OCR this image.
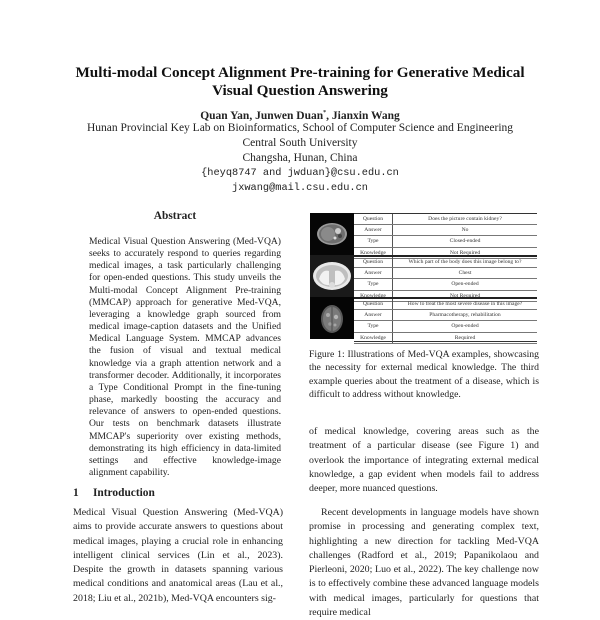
Multi-modal Concept Alignment Pre-training for Generative Medical
Visual Question Answering
Quan Yan, Junwen Duan*, Jianxin Wang
Hunan Provincial Key Lab on Bioinformatics, School of Computer Science and Engineering
Central South University
Changsha, Hunan, China
{heyq8747 and jwduan}@csu.edu.cn
jxwang@mail.csu.edu.cn
Abstract
Medical Visual Question Answering (Med-VQA) seeks to accurately respond to queries regarding medical images, a task particularly challenging for open-ended questions. This study unveils the Multi-modal Concept Alignment Pre-training (MMCAP) approach for generative Med-VQA, leveraging a knowledge graph sourced from medical image-caption datasets and the Unified Medical Language System. MMCAP advances the fusion of visual and textual medical knowledge via a graph attention network and a transformer decoder. Additionally, it incorporates a Type Conditional Prompt in the fine-tuning phase, markedly boosting the accuracy and relevance of answers to open-ended questions. Our tests on benchmark datasets illustrate MMCAP's superiority over existing methods, demonstrating its high efficiency in data-limited settings and effective knowledge-image alignment capability.
1 Introduction
Medical Visual Question Answering (Med-VQA) aims to provide accurate answers to questions about medical images, playing a crucial role in enhancing intelligent clinical services (Lin et al., 2023). Despite the growth in datasets spanning various medical conditions and anatomical areas (Lau et al., 2018; Liu et al., 2021b), Med-VQA encounters sig-
Question	Does the picture contain kidney?
Answer	No
Type	Closed-ended
Knowledge	Not Required
Question	Which part of the body does this image belong to?
Answer	Chest
Type	Open-ended
Knowledge	Not Required
Question	How to treat the most severe disease in this image?
Answer	Pharmacotherapy, rehabilitation
Type	Open-ended
Knowledge	Required
Figure 1: Illustrations of Med-VQA examples, showcasing the necessity for external medical knowledge. The third example queries about the treatment of a disease, which is difficult to address without knowledge.
of medical knowledge, covering areas such as the treatment of a particular disease (see Figure 1) and overlook the importance of integrating external medical knowledge, a gap evident when models fail to address deeper, more nuanced questions.
Recent developments in language models have shown promise in processing and generating complex text, highlighting a new direction for tackling Med-VQA challenges (Radford et al., 2019; Papanikolaou and Pierleoni, 2020; Luo et al., 2022). The key challenge now is to effectively combine these advanced language models with medical images, particularly for questions that require medical
